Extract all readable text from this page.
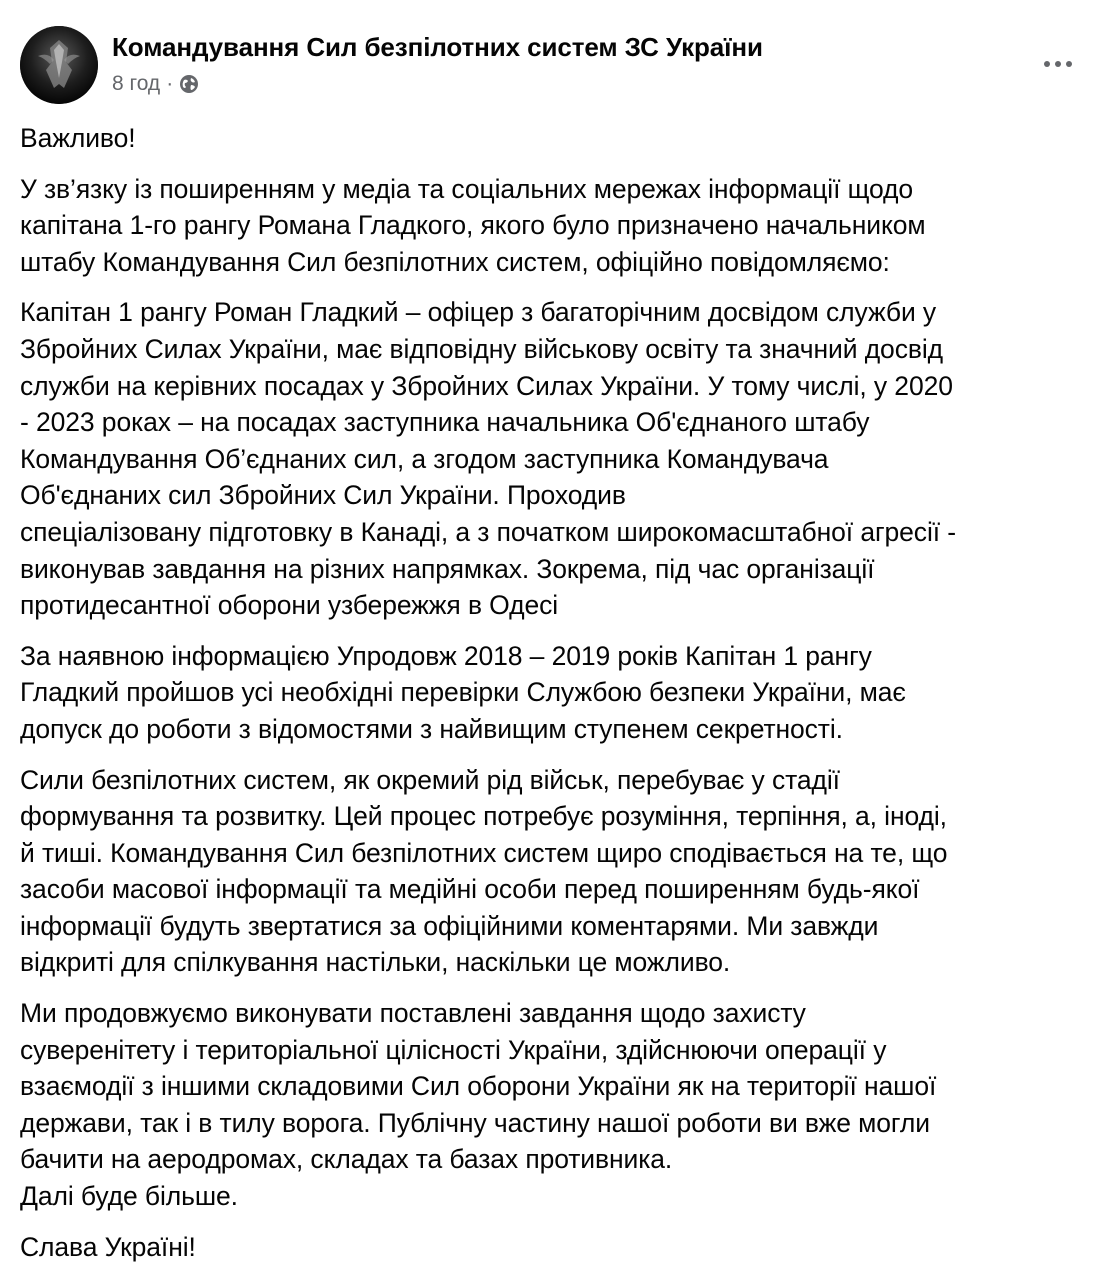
Командування Сил безпілотних систем ЗС України
8 год ·

Важливо!

У зв’язку із поширенням у медіа та соціальних мережах інформації щодо
капітана 1-го рангу Романа Гладкого, якого було призначено начальником
штабу Командування Сил безпілотних систем, офіційно повідомляємо:

Капітан 1 рангу Роман Гладкий – офіцер з багаторічним досвідом служби у
Збройних Силах України, має відповідну військову освіту та значний досвід
служби на керівних посадах у Збройних Силах України. У тому числі, у 2020
- 2023 роках – на посадах заступника начальника Об'єднаного штабу
Командування Об’єднаних сил, а згодом заступника Командувача
Об'єднаних сил Збройних Сил України. Проходив
спеціалізовану підготовку в Канаді, а з початком широкомасштабної агресії -
виконував завдання на різних напрямках. Зокрема, під час організації
протидесантної оборони узбережжя в Одесі

За наявною інформацією Упродовж 2018 – 2019 років Капітан 1 рангу
Гладкий пройшов усі необхідні перевірки Службою безпеки України, має
допуск до роботи з відомостями з найвищим ступенем секретності.

Сили безпілотних систем, як окремий рід військ, перебуває у стадії
формування та розвитку. Цей процес потребує розуміння, терпіння, а, іноді,
й тиші. Командування Сил безпілотних систем щиро сподівається на те, що
засоби масової інформації та медійні особи перед поширенням будь-якої
інформації будуть звертатися за офіційними коментарями. Ми завжди
відкриті для спілкування настільки, наскільки це можливо.

Ми продовжуємо виконувати поставлені завдання щодо захисту
суверенітету і територіальної цілісності України, здійснюючи операції у
взаємодії з іншими складовими Сил оборони України як на території нашої
держави, так і в тилу ворога. Публічну частину нашої роботи ви вже могли
бачити на аеродромах, складах та базах противника.
Далі буде більше.

Слава Україні!
